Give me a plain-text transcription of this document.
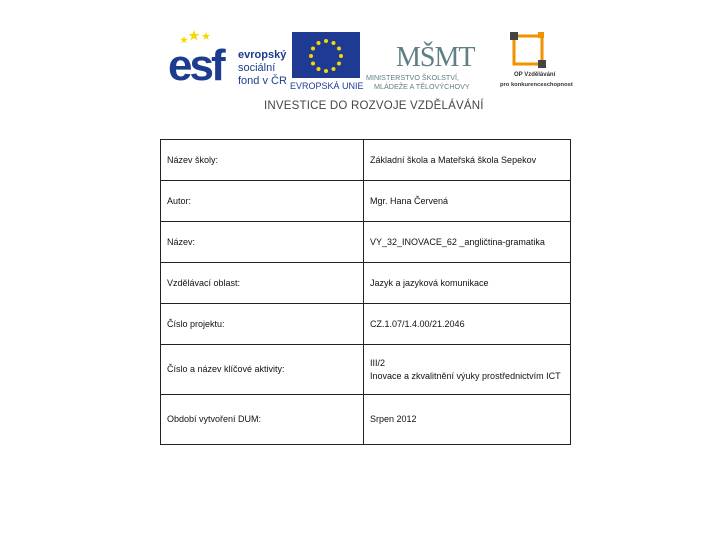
esf	evropský
sociální
fond v ČR EVROPSKÁ UNIE
MŠMT
MINISTERSTVO ŠKOLSTVÍ,
MLÁDEŽE A TĚLOVÝCHOVY
OP Vzdělávání
pro konkurenceschopnost
INVESTICE DO ROZVOJE VZDĚLÁVÁNÍ
Název školy:	Základní škola a Mateřská škola Sepekov
Autor:	Mgr. Hana Červená
Název:	VY_32_INOVACE_62 _angličtina-gramatika
Vzdělávací oblast:	Jazyk a jazyková komunikace
Číslo projektu:	CZ.1.07/1.4.00/21.2046
Číslo a název klíčové aktivity:	III/2
Inovace a zkvalitnění výuky prostřednictvím ICT

Období vytvoření DUM:	Srpen 2012
